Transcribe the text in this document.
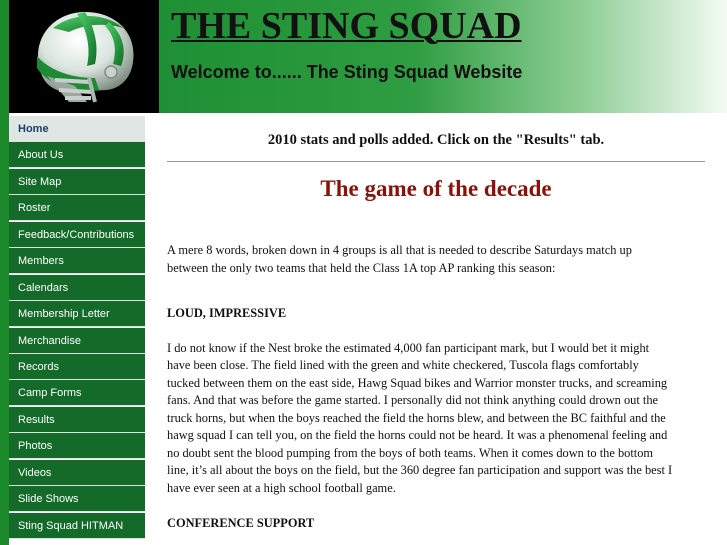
THE STING SQUAD
Welcome to...... The Sting Squad Website
Home
About Us
Site Map
Roster
Feedback/Contributions
Members
Calendars
Membership Letter
Merchandise
Records
Camp Forms
Results
Photos
Videos
Slide Shows
Sting Squad HITMAN
2010 stats and polls added. Click on the "Results" tab.
The game of the decade

A mere 8 words, broken down in 4 groups is all that is needed to describe Saturdays match up

between the only two teams that held the Class 1A top AP ranking this season:

LOUD, IMPRESSIVE

I do not know if the Nest broke the estimated 4,000 fan participant mark, but I would bet it might

have been close. The field lined with the green and white checkered, Tuscola flags comfortably

tucked between them on the east side, Hawg Squad bikes and Warrior monster trucks, and screaming

fans. And that was before the game started. I personally did not think anything could drown out the

truck horns, but when the boys reached the field the horns blew, and between the BC faithful and the

hawg squad I can tell you, on the field the horns could not be heard. It was a phenomenal feeling and

no doubt sent the blood pumping from the boys of both teams. When it comes down to the bottom

line, it’s all about the boys on the field, but the 360 degree fan participation and support was the best I

have ever seen at a high school football game.

CONFERENCE SUPPORT
